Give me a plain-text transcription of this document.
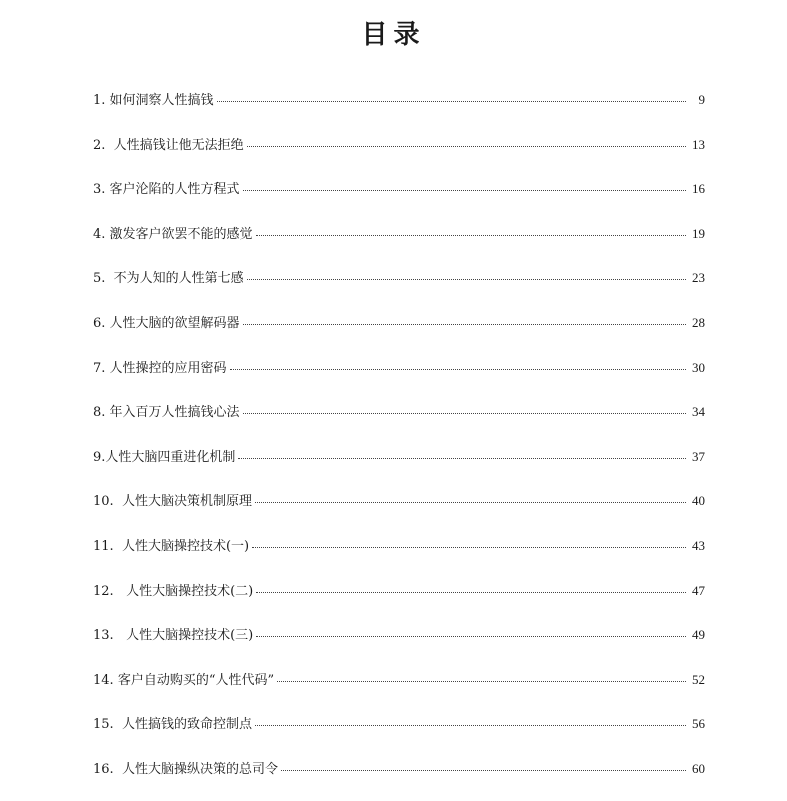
目录
1. 如何洞察人性搞钱	9
2. 人性搞钱让他无法拒绝	13
3. 客户沦陷的人性方程式	16
4. 激发客户欲罢不能的感觉	19
5. 不为人知的人性第七感	23
6. 人性大脑的欲望解码器	28
7. 人性操控的应用密码	30
8. 年入百万人性搞钱心法	34
9. 人性大脑四重进化机制	37
10. 人性大脑决策机制原理	40
11. 人性大脑操控技术(一)	43
12. 人性大脑操控技术(二)	47
13. 人性大脑操控技术(三)	49
14. 客户自动购买的“人性代码”	52
15. 人性搞钱的致命控制点	56
16. 人性大脑操纵决策的总司令	60
